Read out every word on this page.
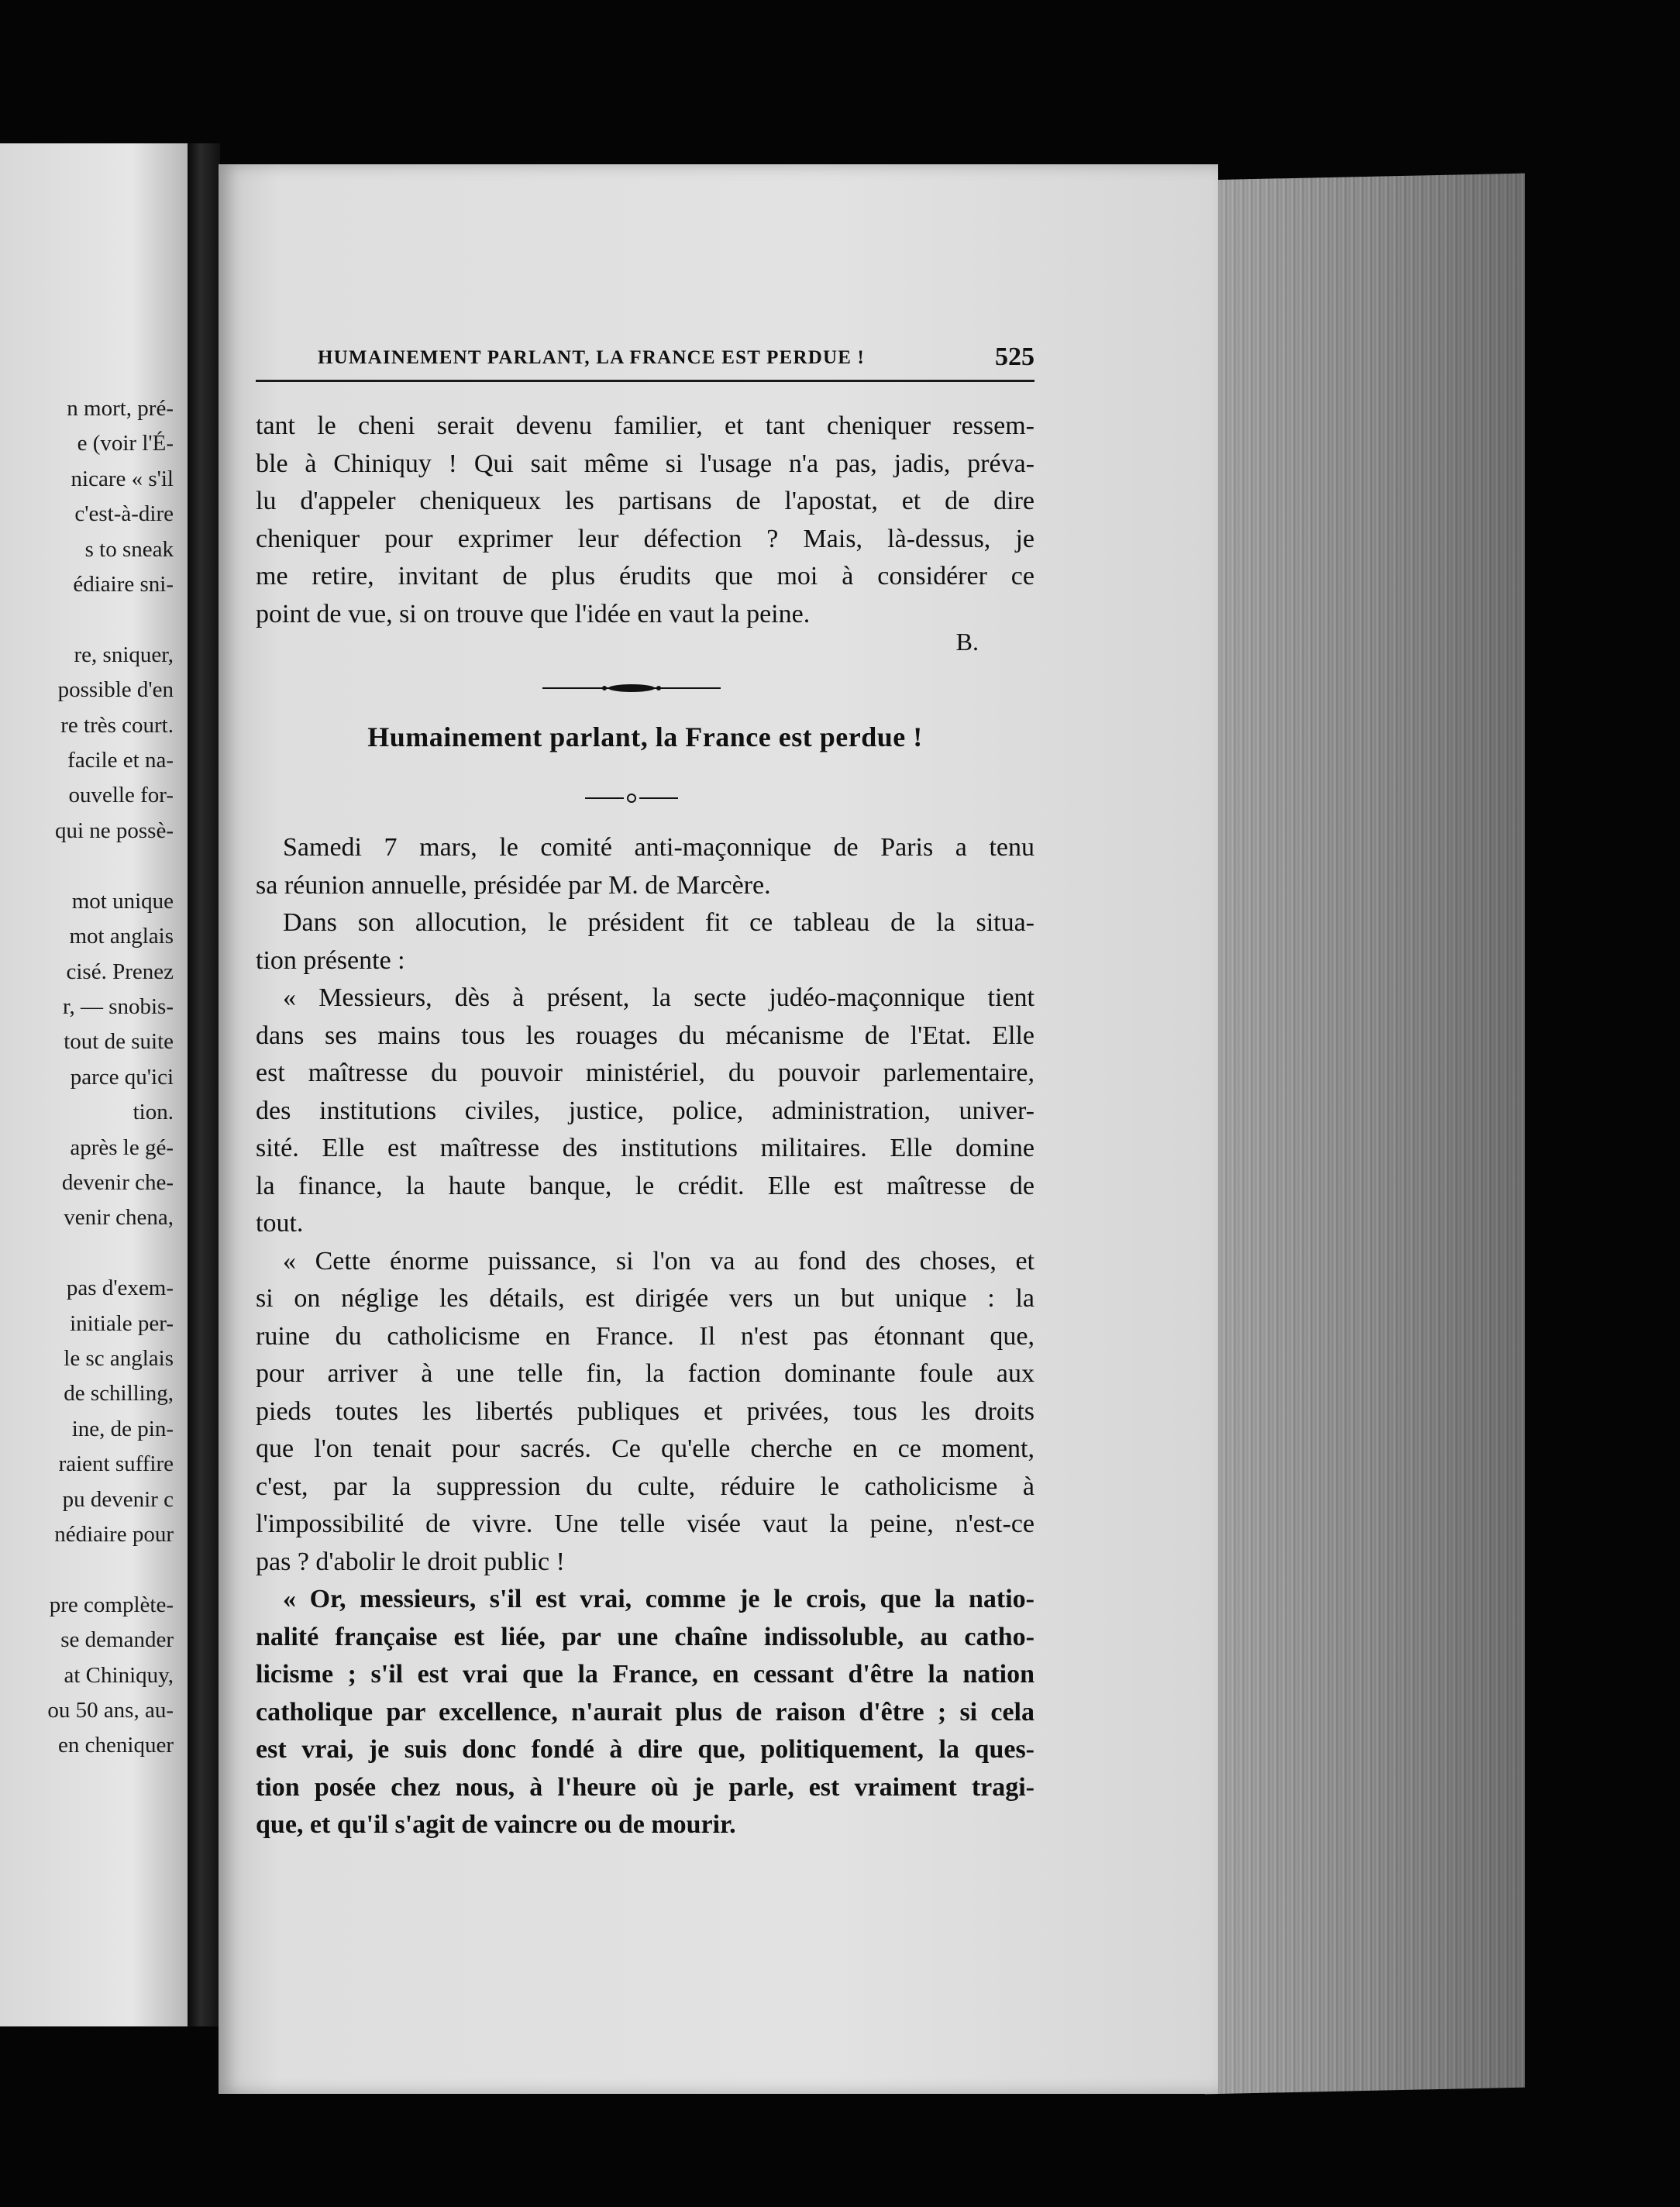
n mort, pré-
e (voir l'É-
nicare « s'il
c'est-à-dire
s to sneak
édiaire sni-

re, sniquer,
possible d'en
re très court.
facile et na-
ouvelle for-
qui ne possè-

mot unique
mot anglais
cisé. Prenez
r, — snobis-
tout de suite
parce qu'ici
tion.
après le gé-
devenir che-
venir chena,

pas d'exem-
initiale per-
le sc anglais
de schilling,
ine, de pin-
raient suffire
pu devenir c
nédiaire pour

pre complète-
se demander
at Chiniquy,
ou 50 ans, au-
en cheniquer
HUMAINEMENT PARLANT, LA FRANCE EST PERDUE !	525
tant le cheni serait devenu familier, et tant cheniquer ressem-
ble à Chiniquy ! Qui sait même si l'usage n'a pas, jadis, préva-
lu d'appeler cheniqueux les partisans de l'apostat, et de dire
cheniquer pour exprimer leur défection ? Mais, là-dessus, je
me retire, invitant de plus érudits que moi à considérer ce
point de vue, si on trouve que l'idée en vaut la peine.
B.
Humainement parlant, la France est perdue !
Samedi 7 mars, le comité anti-maçonnique de Paris a tenu
sa réunion annuelle, présidée par M. de Marcère.
Dans son allocution, le président fit ce tableau de la situa-
tion présente :
« Messieurs, dès à présent, la secte judéo-maçonnique tient
dans ses mains tous les rouages du mécanisme de l'Etat. Elle
est maîtresse du pouvoir ministériel, du pouvoir parlementaire,
des institutions civiles, justice, police, administration, univer-
sité. Elle est maîtresse des institutions militaires. Elle domine
la finance, la haute banque, le crédit. Elle est maîtresse de
tout.
« Cette énorme puissance, si l'on va au fond des choses, et
si on néglige les détails, est dirigée vers un but unique : la
ruine du catholicisme en France. Il n'est pas étonnant que,
pour arriver à une telle fin, la faction dominante foule aux
pieds toutes les libertés publiques et privées, tous les droits
que l'on tenait pour sacrés. Ce qu'elle cherche en ce moment,
c'est, par la suppression du culte, réduire le catholicisme à
l'impossibilité de vivre. Une telle visée vaut la peine, n'est-ce
pas ? d'abolir le droit public !
« Or, messieurs, s'il est vrai, comme je le crois, que la natio-
nalité française est liée, par une chaîne indissoluble, au catho-
licisme ; s'il est vrai que la France, en cessant d'être la nation
catholique par excellence, n'aurait plus de raison d'être ; si cela
est vrai, je suis donc fondé à dire que, politiquement, la ques-
tion posée chez nous, à l'heure où je parle, est vraiment tragi-
que, et qu'il s'agit de vaincre ou de mourir.
